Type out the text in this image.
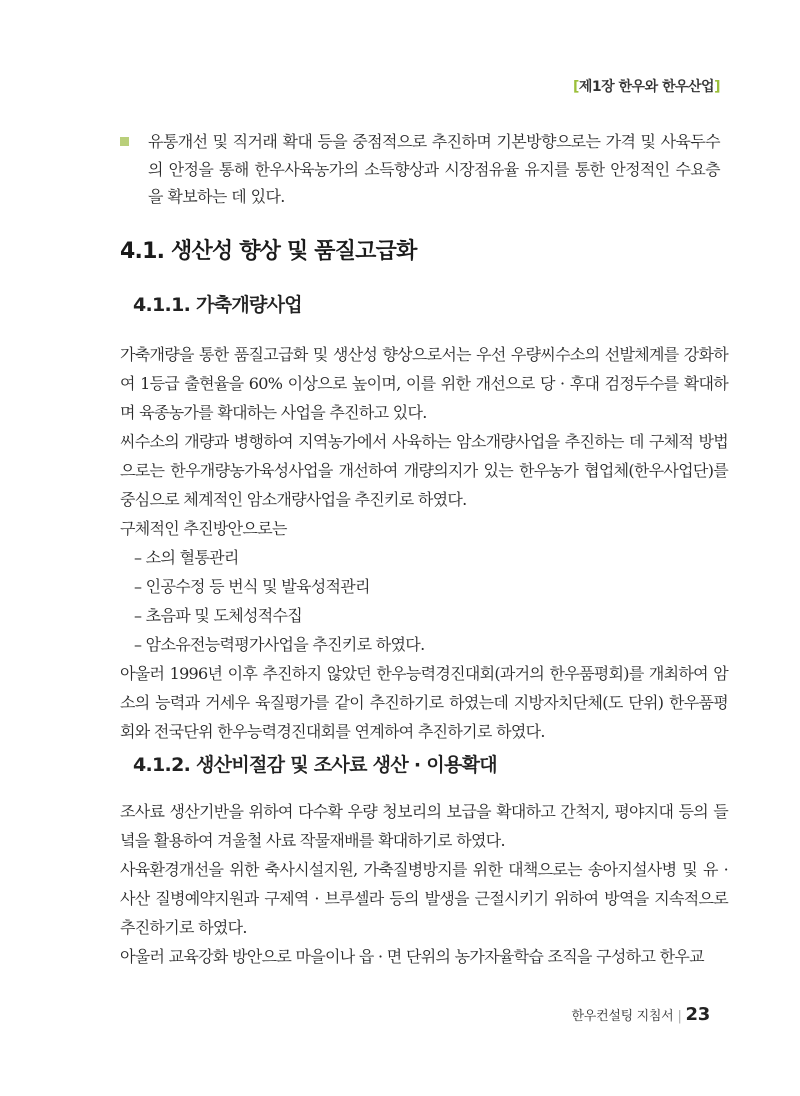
[제1장 한우와 한우산업]
유통개선 및 직거래 확대 등을 중점적으로 추진하며 기본방향으로는 가격 및 사육두수의 안정을 통해 한우사육농가의 소득향상과 시장점유율 유지를 통한 안정적인 수요층을 확보하는 데 있다.
4.1. 생산성 향상 및 품질고급화
4.1.1. 가축개량사업

가축개량을 통한 품질고급화 및 생산성 향상으로서는 우선 우량씨수소의 선발체계를 강화하여 1등급 출현율을 60% 이상으로 높이며, 이를 위한 개선으로 당 · 후대 검정두수를 확대하며 육종농가를 확대하는 사업을 추진하고 있다.

씨수소의 개량과 병행하여 지역농가에서 사육하는 암소개량사업을 추진하는 데 구체적 방법으로는 한우개량농가육성사업을 개선하여 개량의지가 있는 한우농가 협업체(한우사업단)를 중심으로 체계적인 암소개량사업을 추진키로 하였다.

구체적인 추진방안으로는

– 소의 혈통관리

– 인공수정 등 번식 및 발육성적관리

– 초음파 및 도체성적수집

– 암소유전능력평가사업을 추진키로 하였다.

아울러 1996년 이후 추진하지 않았던 한우능력경진대회(과거의 한우품평회)를 개최하여 암소의 능력과 거세우 육질평가를 같이 추진하기로 하였는데 지방자치단체(도 단위) 한우품평회와 전국단위 한우능력경진대회를 연계하여 추진하기로 하였다.

4.1.2. 생산비절감 및 조사료 생산 · 이용확대

조사료 생산기반을 위하여 다수확 우량 청보리의 보급을 확대하고 간척지, 평야지대 등의 들녘을 활용하여 겨울철 사료 작물재배를 확대하기로 하였다.

사육환경개선을 위한 축사시설지원, 가축질병방지를 위한 대책으로는 송아지설사병 및 유 · 사산 질병예약지원과 구제역 · 브루셀라 등의 발생을 근절시키기 위하여 방역을 지속적으로 추진하기로 하였다.

아울러 교육강화 방안으로 마을이나 읍 · 면 단위의 농가자율학습 조직을 구성하고 한우교

한우컨설팅 지침서 | 23
